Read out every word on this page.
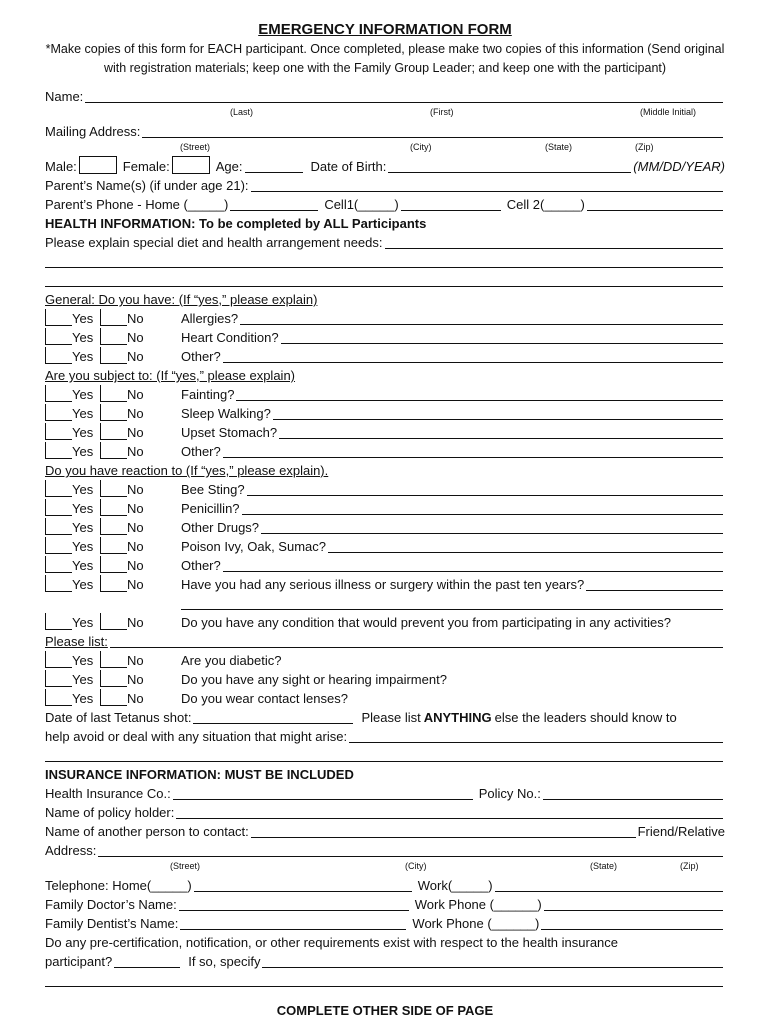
EMERGENCY INFORMATION FORM
*Make copies of this form for EACH participant. Once completed, please make two copies of this information (Send original with registration materials; keep one with the Family Group Leader; and keep one with the participant)
Name:
(Last)	(First)	(Middle Initial)
Mailing Address:
(Street)	(City)	(State)	(Zip)
Male:	Female:	Age:	Date of Birth:	(MM/DD/YEAR)
Parent’s Name(s) (if under age 21):
Parent’s Phone - Home (_____)	Cell1(_____)	Cell 2(_____)
HEALTH INFORMATION: To be completed by ALL Participants
Please explain special diet and health arrangement needs:
General: Do you have: (If “yes,” please explain)
Yes	No	Allergies?
Yes	No	Heart Condition?
Yes	No	Other?
Are you subject to: (If “yes,” please explain)
Yes	No	Fainting?
Yes	No	Sleep Walking?
Yes	No	Upset Stomach?
Yes	No	Other?
Do you have reaction to (If “yes,” please explain).
Yes	No	Bee Sting?
Yes	No	Penicillin?
Yes	No	Other Drugs?
Yes	No	Poison Ivy, Oak, Sumac?
Yes	No	Other?
Yes	No	Have you had any serious illness or surgery within the past ten years?
Yes	No	Do you have any condition that would prevent you from participating in any activities?
Please list:
Yes	No	Are you diabetic?
Yes	No	Do you have any sight or hearing impairment?
Yes	No	Do you wear contact lenses?
Date of last Tetanus shot:	Please list ANYTHING else the leaders should know to
help avoid or deal with any situation that might arise:
INSURANCE INFORMATION: MUST BE INCLUDED
Health Insurance Co.:	Policy No.:
Name of policy holder:
Name of another person to contact:	Friend/Relative
Address:
(Street)	(City)	(State)	(Zip)
Telephone: Home(_____)	Work(_____)
Family Doctor’s Name:	Work Phone (______)
Family Dentist’s Name:	Work Phone (______)
Do any pre-certification, notification, or other requirements exist with respect to the health insurance
participant?	If so, specify
COMPLETE OTHER SIDE OF PAGE
